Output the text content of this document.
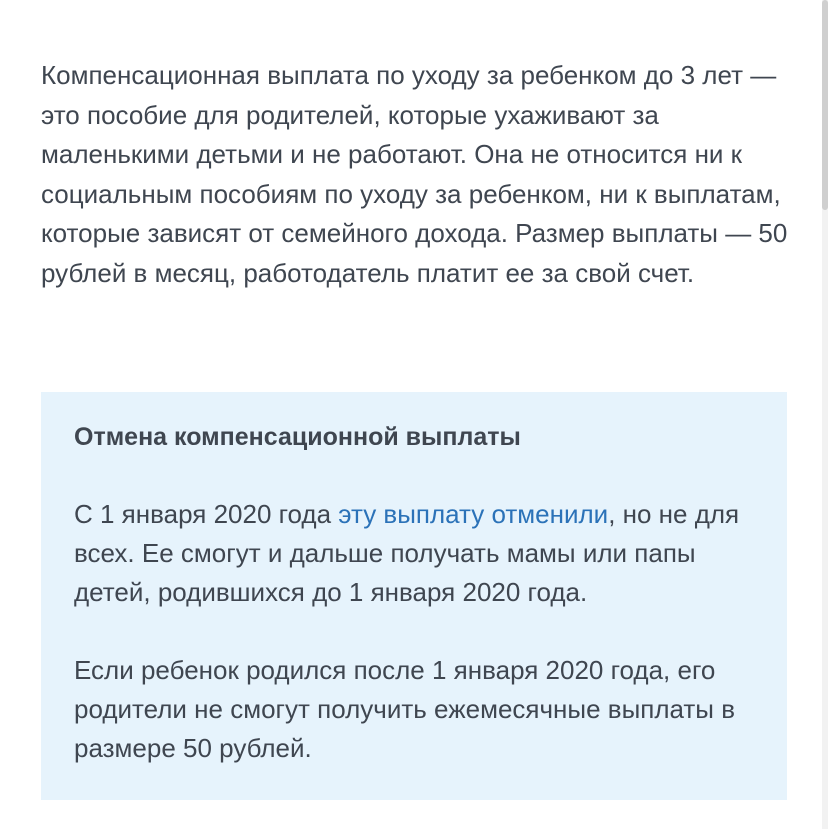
Компенсационная выплата по уходу за ребенком до 3 лет — это пособие для родителей, которые ухаживают за маленькими детьми и не работают. Она не относится ни к социальным пособиям по уходу за ребенком, ни к выплатам, которые зависят от семейного дохода. Размер выплаты — 50 рублей в месяц, работодатель платит ее за свой счет.

Отмена компенсационной выплаты

С 1 января 2020 года эту выплату отменили, но не для всех. Ее смогут и дальше получать мамы или папы детей, родившихся до 1 января 2020 года.

Если ребенок родился после 1 января 2020 года, его родители не смогут получить ежемесячные выплаты в размере 50 рублей.
